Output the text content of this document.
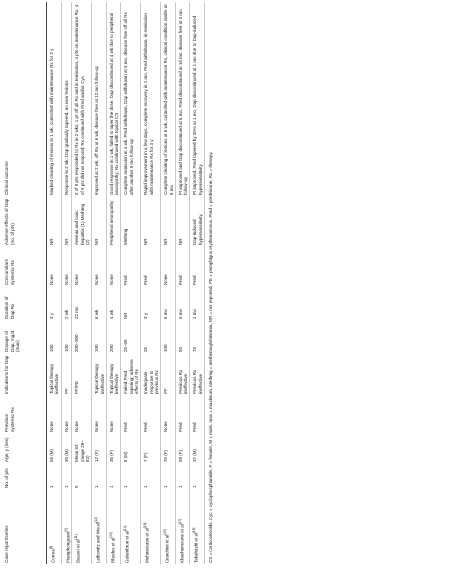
Case report/series
No. of pts
Age, y (sex)
Previous systemic Rx
Indications for Dap
Dosage of Dap, mg/d (max)
Duration of Dap Rx
Concomitant systemic Rx
Adverse effects of Dap (no. of pts)
Clinical outcome
Correa[8]
1
56 (M)
None
Topical therapy ineffective
100
3 y
None
NR
Marked clearing of lesions in 1 wk, controlled with maintenance Rx for 3 y
Piamphongsant[9]
1
30 (M)
None
PF
100
2 wk
None
NR
Response in 2 wk, Dap gradually tapered, no new lesions
Basset et al[11]
9
Mean 53 (range 28–82)
None
PF/PE
200–300
22 mo
None
Anemia and toxic hepatitis (1) Methmg (2)
5 of 9 pts responded to Rx in 2 wks; 1 pt off all Rx and in remission, 4 pts on maintenance Rx. 4 of 9 pts did not respond; Rx continued with Pred and/or Cyc
Leibowitz and Wood[12]
1
12 (F)
None
Topical therapy ineffective
100
6 wk
None
NR
Improved at 2 wk, off Rx at 6 wk, disease free at 12 mo follow-up
Rhodes et al[13]
1
35 (F)
None
Topical therapy ineffective
200
4 wk
None
Peripheral neuropathy
Good response in 1 wk, failed to taper the dose. Dap discontinued at 4 wk due to peripheral neuropathy; Rx continued with topical CS
Galambrun et al[14]
1
8 (M)
Pred
Failed Pred tapering; adverse effects of Rx
25–50
NR
Pred
Methmg
Complete remission in 4 wk. Pred withdrawn, Dap withdrawn at 9 mo, disease free off all Rx after another 9 mo follow-up
Mehmetaran et al[16]
1
7 (F)
Pred
Inadequate response to previous Rx
25
3 y
Pred
NR
Rapid improvement in a few days, complete recovery in 1 mo, Pred withdrawn, in remission with maintenance Rx for 3 y
Cianchini et al[15]
1
70 (F)
None
PF
100
6 mo
None
NR
Complete clearing of lesions at 6 wk, controlled with maintenance Rx, clinical condition stable at 6 mo
Khachemoune et al[17]
1
58 (F)
Pred
Previous Rx ineffective
50
6 mo
Pred
NR
Pt improved and Dap discontinued at 6 mo, Pred discontinued at 18 mo, disease free at 3 mo follow-up
Takahashi et al[18]
1
37 (M)
Pred
Previous Rx ineffective
75
1 mo
Pred
Dap-induced hypersensitivity
Pt improved, Pred tapered by 35% at 1 mo, Dap discontinued at 1 mo due to Dap-induced hypersensitivity	CS = corticosteroids, Cyc = cyclophosphamide, F = female, M = male, max = maximum, Methmg = methemoglobinemia, NR = not reported, PE = pemphigus erythematosus, Pred = prednisone, Rx = therapy.
